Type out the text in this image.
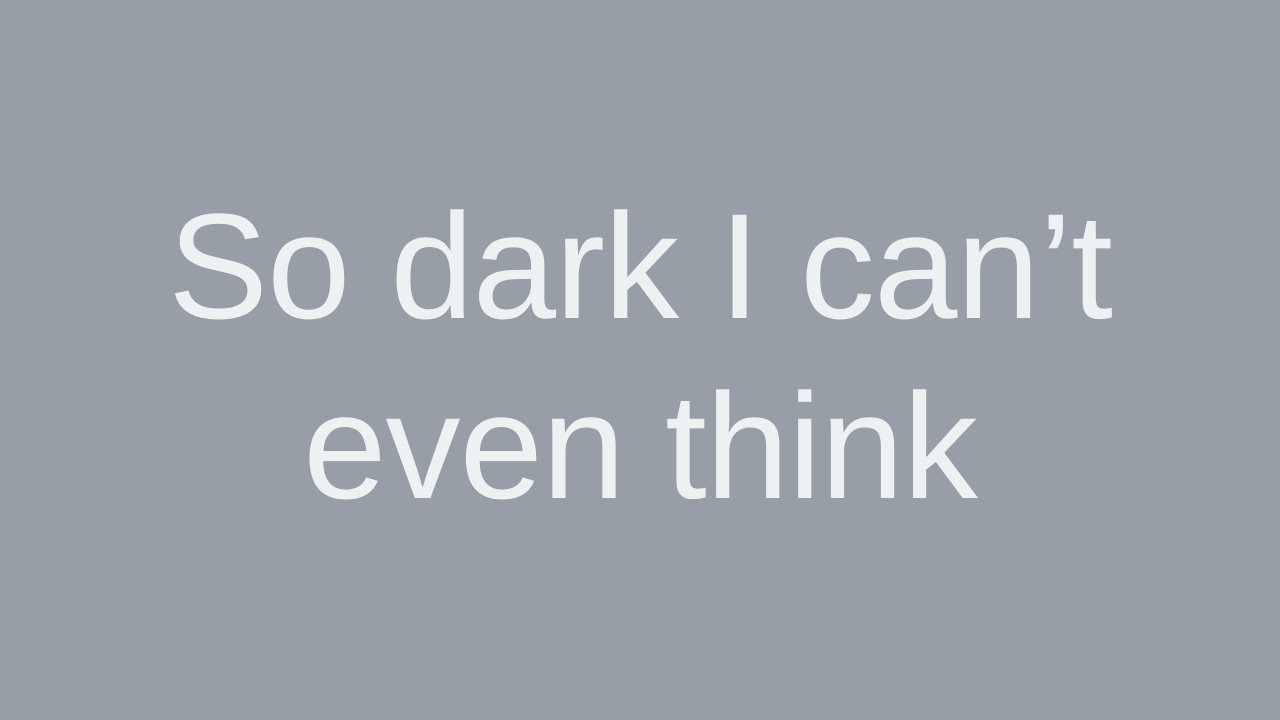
So dark I can’t
even think
